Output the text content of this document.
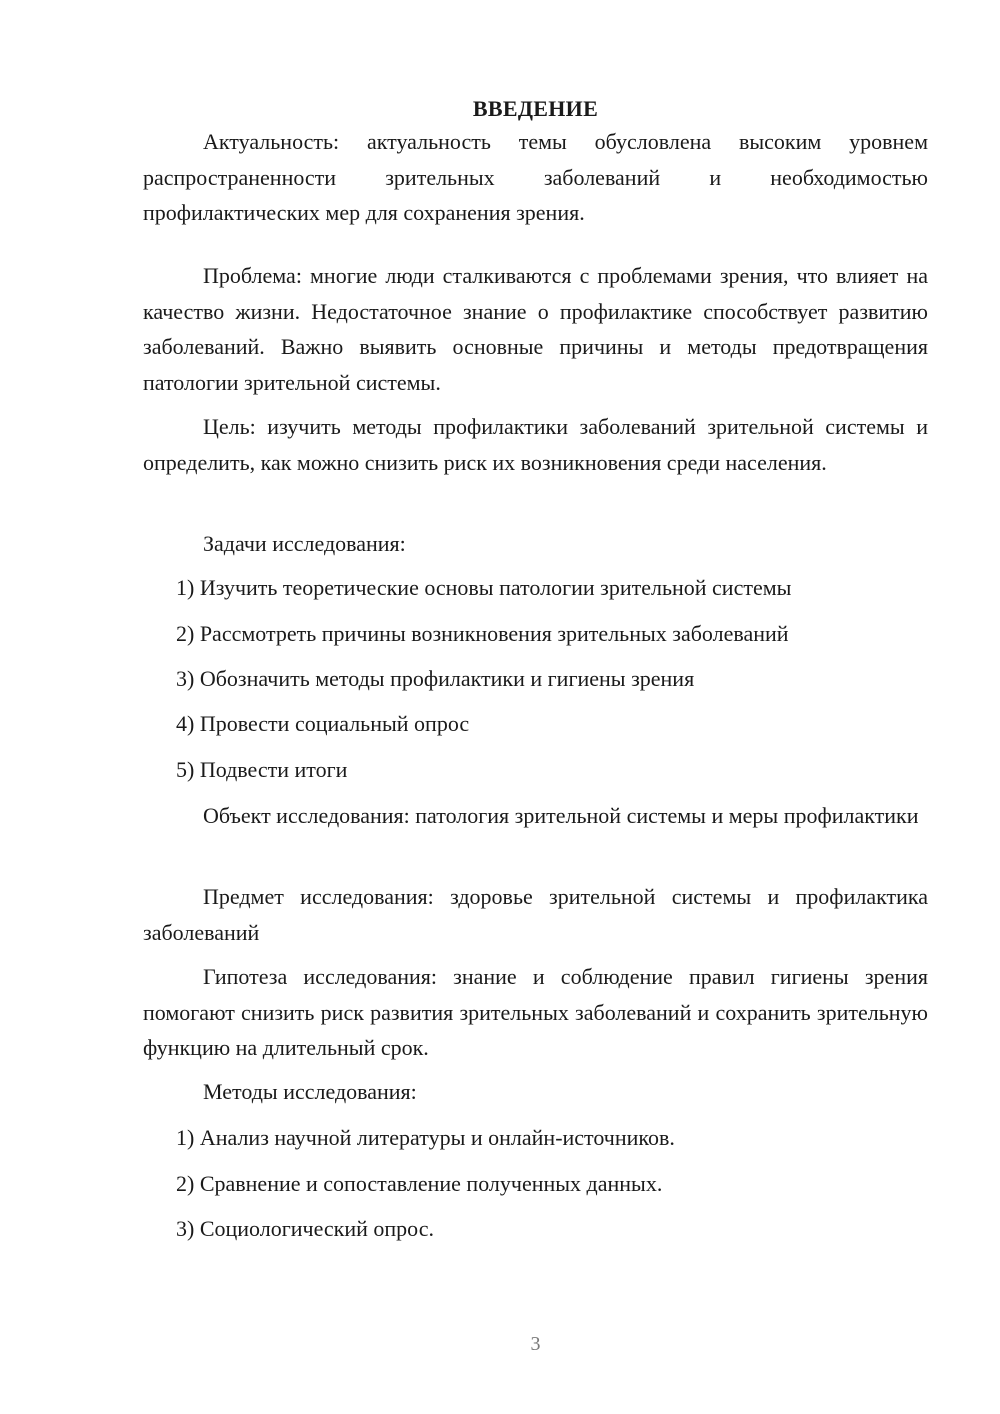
ВВЕДЕНИЕ

Актуальность: актуальность темы обусловлена высоким уровнем распространенности зрительных заболеваний и необходимостью профилактических мер для сохранения зрения.

Проблема: многие люди сталкиваются с проблемами зрения, что влияет на качество жизни. Недостаточное знание о профилактике способствует развитию заболеваний. Важно выявить основные причины и методы предотвращения патологии зрительной системы.

Цель: изучить методы профилактики заболеваний зрительной системы и определить, как можно снизить риск их возникновения среди населения.

Задачи исследования:

1) Изучить теоретические основы патологии зрительной системы
2) Рассмотреть причины возникновения зрительных заболеваний
3) Обозначить методы профилактики и гигиены зрения
4) Провести социальный опрос
5) Подвести итоги

Объект исследования: патология зрительной системы и меры профилактики

Предмет исследования: здоровье зрительной системы и профилактика заболеваний

Гипотеза исследования: знание и соблюдение правил гигиены зрения помогают снизить риск развития зрительных заболеваний и сохранить зрительную функцию на длительный срок.

Методы исследования:

1) Анализ научной литературы и онлайн-источников.
2) Сравнение и сопоставление полученных данных.
3) Социологический опрос.
3
